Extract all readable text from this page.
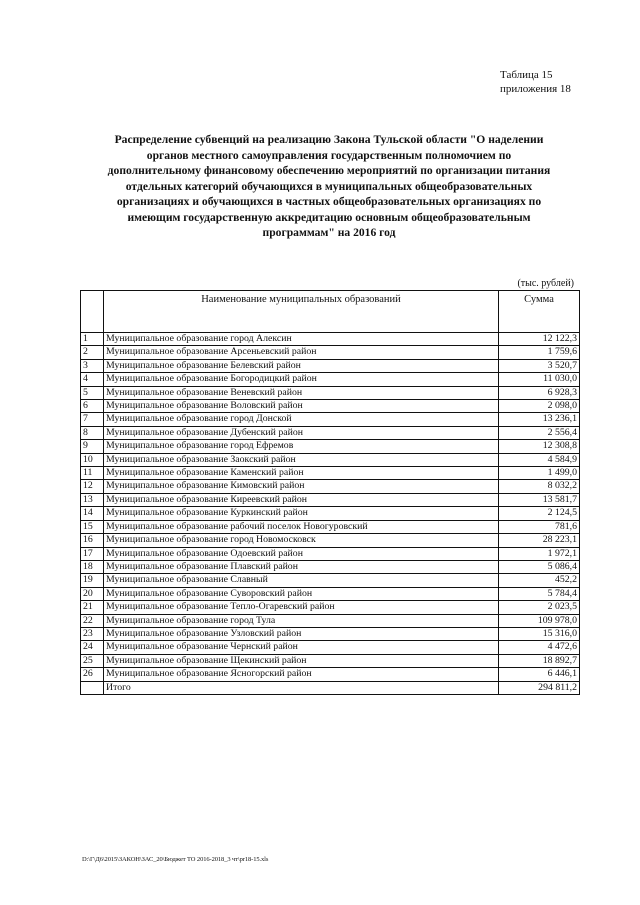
Таблица 15
приложения 18
Распределение субвенций на реализацию Закона Тульской области "О наделении
органов местного самоуправления государственным полномочием по
дополнительному финансовому обеспечению мероприятий по организации питания
отдельных категорий обучающихся в муниципальных общеобразовательных
организациях и обучающихся в частных общеобразовательных организациях по
имеющим государственную аккредитацию основным общеобразовательным
программам" на 2016 год
(тыс. рублей)
	Наименование муниципальных образований	Сумма
1	Муниципальное образование город Алексин	12 122,3
2	Муниципальное образование Арсеньевский район	1 759,6
3	Муниципальное образование Белевский район	3 520,7
4	Муниципальное образование Богородицкий район	11 030,0
5	Муниципальное образование Веневский район	6 928,3
6	Муниципальное образование Воловский район	2 098,0
7	Муниципальное образование город Донской	13 236,1
8	Муниципальное образование Дубенский район	2 556,4
9	Муниципальное образование город Ефремов	12 308,8
10	Муниципальное образование Заокский район	4 584,9
11	Муниципальное образование Каменский район	1 499,0
12	Муниципальное образование Кимовский район	8 032,2
13	Муниципальное образование Киреевский район	13 581,7
14	Муниципальное образование Куркинский район	2 124,5
15	Муниципальное образование рабочий поселок Новогуровский	781,6
16	Муниципальное образование город Новомосковск	28 223,1
17	Муниципальное образование Одоевский район	1 972,1
18	Муниципальное образование Плавский район	5 086,4
19	Муниципальное образование Славный	452,2
20	Муниципальное образование Суворовский район	5 784,4
21	Муниципальное образование Тепло-Огаревский район	2 023,5
22	Муниципальное образование город Тула	109 978,0
23	Муниципальное образование Узловский район	15 316,0
24	Муниципальное образование Чернский район	4 472,6
25	Муниципальное образование Щекинский район	18 892,7
26	Муниципальное образование Ясногорский район	6 446,1
	Итого	294 811,2
D:\Г\Д6\2015\ЗАКОН\ЗАС_20\Бюджет ТО 2016-2018_3 чт\pr18-15.xls
